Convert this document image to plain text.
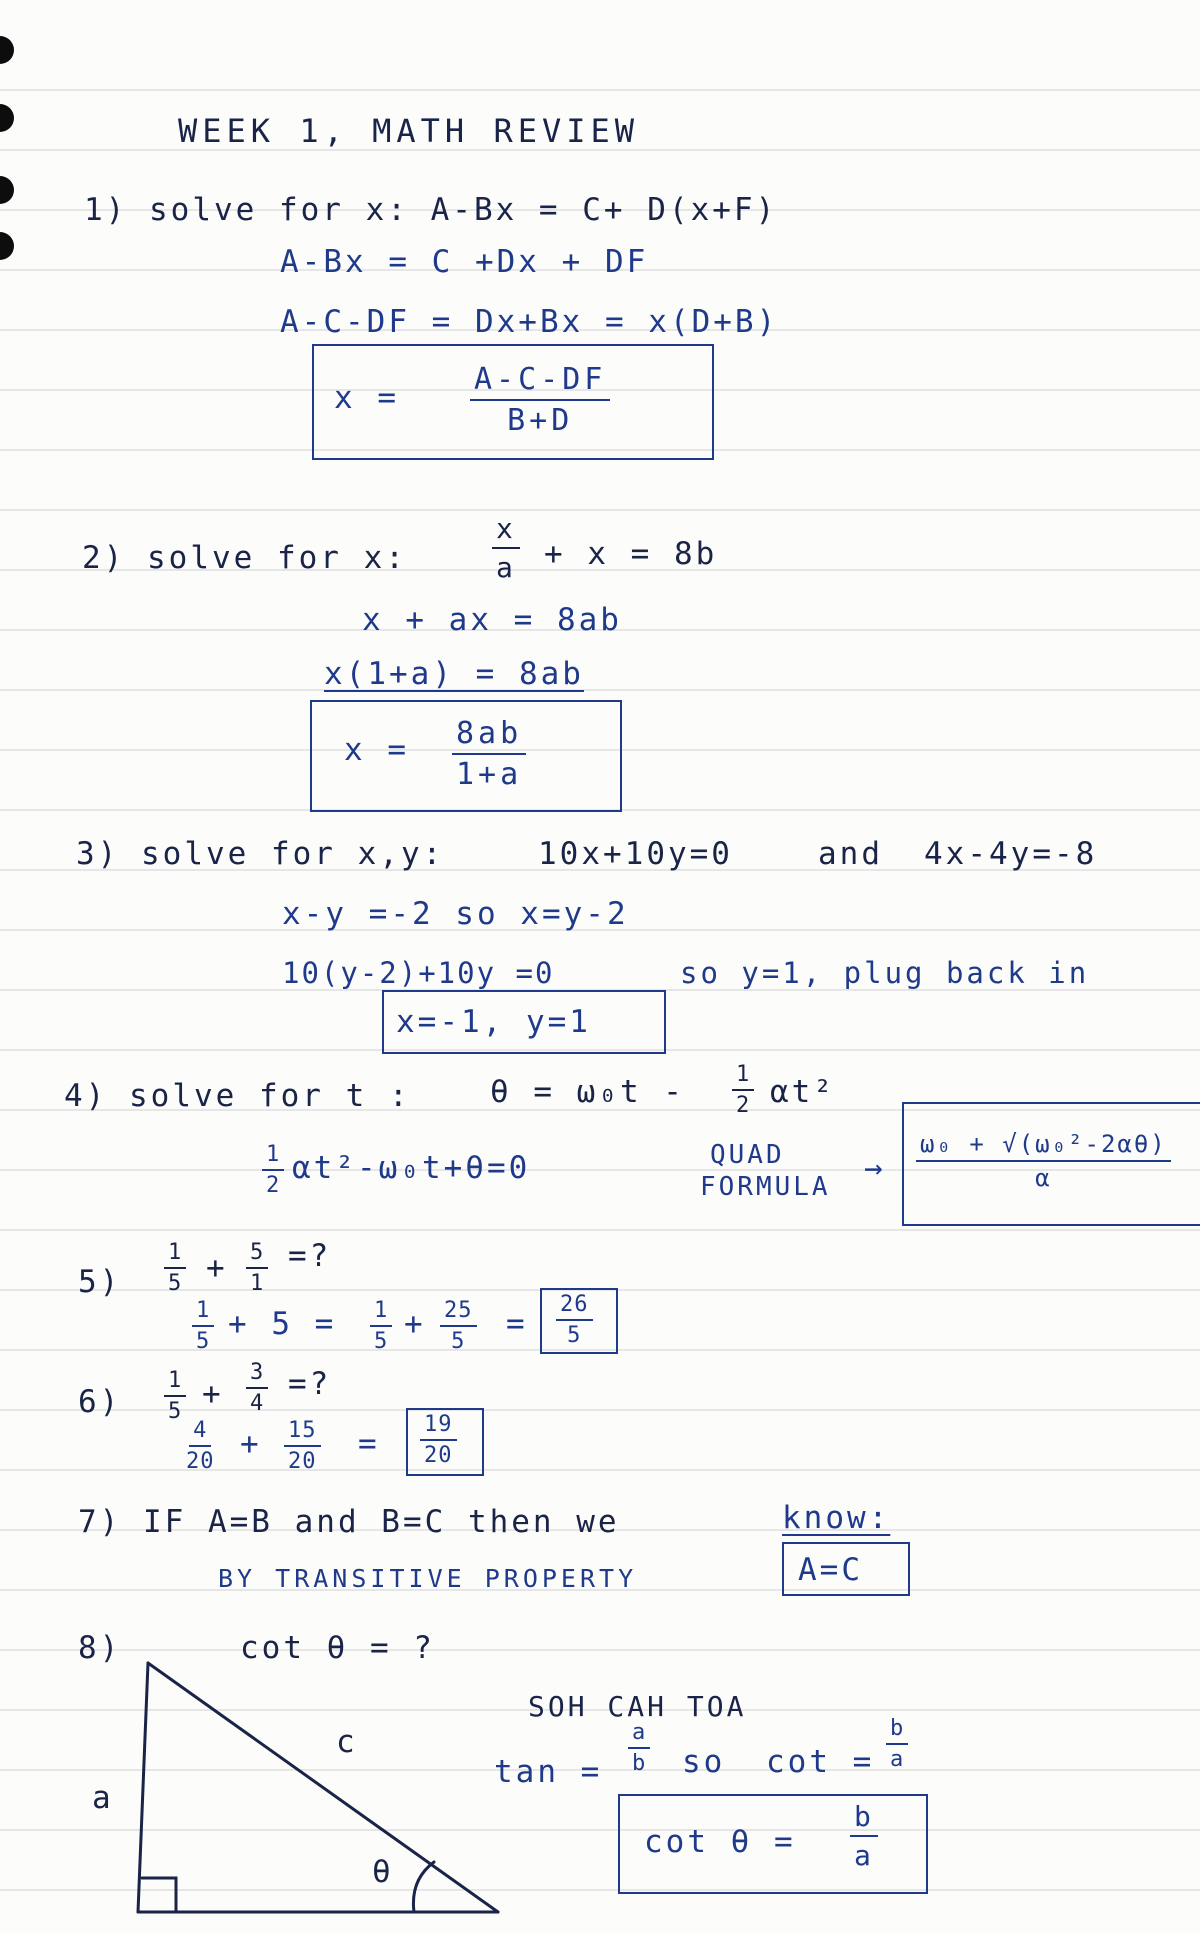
WEEK 1, MATH REVIEW
1) solve for x: A-Bx = C+ D(x+F)
A-Bx = C +Dx + DF
A-C-DF = Dx+Bx = x(D+B)
$x = \frac{A-C-DF}{B+D}$
2) solve for x:	$\frac{x}{a} + x = 8b$
x + ax = 8ab
x(1+a) = 8ab
$x = \frac{8ab}{1+a}$
3) solve for x,y:	10x+10y=0	and 4x-4y=-8
x-y =-2 so x=y-2
10(y-2)+10y =0	so y=1, plug back in
x=-1, y=1
4) solve for t :	$\theta = \omega_0t - \frac{1}{2} \alpha t^2$
$\frac{1}{2} \alpha t^2-\omega_0t+\theta=0$	QUAD
FORMULA
→ $\frac{\text{ω₀ + √(ω₀²-2αθ)}}{\alpha}$
$5) \frac{1}{5} + \frac{5}{1}$ =?
$\frac{1}{5} + 5 = \frac{1}{5} + \frac{25}{5} = \frac{26}{5}$
$6) \frac{1}{5} + \frac{3}{4}$ =?
$\frac{4}{20} + \frac{15}{20} = \frac{19}{20}$
7) IF A=B and B=C then we	know:
BY TRANSITIVE PROPERTY	A=C
8)	cot θ = ?
a
c
θ
SOH CAH TOA
$\tan = \frac{a}{b}$ so $\cot = \frac{b}{a}$
$\cot \theta = \frac{b}{a}$
